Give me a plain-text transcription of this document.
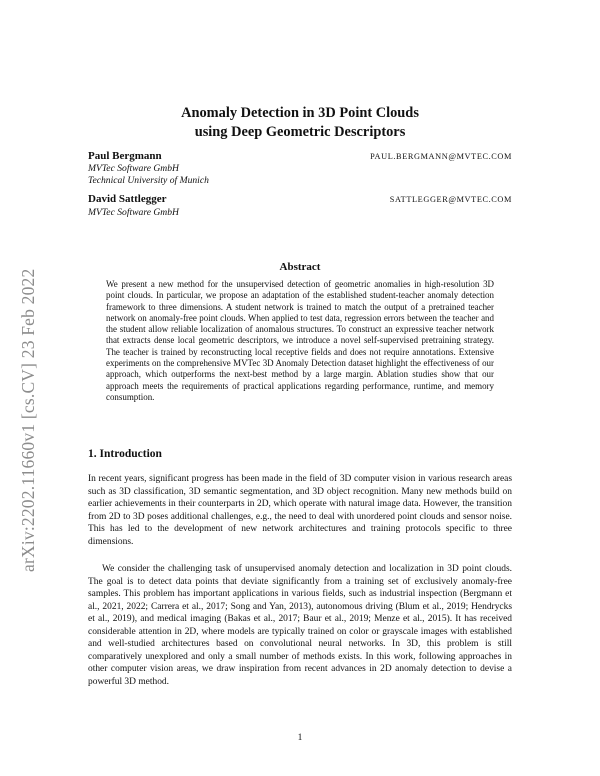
arXiv:2202.11660v1 [cs.CV] 23 Feb 2022
Anomaly Detection in 3D Point Clouds
using Deep Geometric Descriptors
Paul Bergmann	PAUL.BERGMANN@MVTEC.COM
MVTec Software GmbH
Technical University of Munich
David Sattlegger	SATTLEGGER@MVTEC.COM
MVTec Software GmbH
Abstract
We present a new method for the unsupervised detection of geometric anomalies in high-resolution 3D point clouds. In particular, we propose an adaptation of the established student-teacher anomaly detection framework to three dimensions. A student network is trained to match the output of a pretrained teacher network on anomaly-free point clouds. When applied to test data, regression errors between the teacher and the student allow reliable localization of anomalous structures. To construct an expressive teacher network that extracts dense local geometric descriptors, we introduce a novel self-supervised pretraining strategy. The teacher is trained by reconstructing local receptive fields and does not require annotations. Extensive experiments on the comprehensive MVTec 3D Anomaly Detection dataset highlight the effectiveness of our approach, which outperforms the next-best method by a large margin. Ablation studies show that our approach meets the requirements of practical applications regarding performance, runtime, and memory consumption.
1. Introduction

In recent years, significant progress has been made in the field of 3D computer vision in various research areas such as 3D classification, 3D semantic segmentation, and 3D object recognition. Many new methods build on earlier achievements in their counterparts in 2D, which operate with natural image data. However, the transition from 2D to 3D poses additional challenges, e.g., the need to deal with unordered point clouds and sensor noise. This has led to the development of new network architectures and training protocols specific to three dimensions.

We consider the challenging task of unsupervised anomaly detection and localization in 3D point clouds. The goal is to detect data points that deviate significantly from a training set of exclusively anomaly-free samples. This problem has important applications in various fields, such as industrial inspection (Bergmann et al., 2021, 2022; Carrera et al., 2017; Song and Yan, 2013), autonomous driving (Blum et al., 2019; Hendrycks et al., 2019), and medical imaging (Bakas et al., 2017; Baur et al., 2019; Menze et al., 2015). It has received considerable attention in 2D, where models are typically trained on color or grayscale images with established and well-studied architectures based on convolutional neural networks. In 3D, this problem is still comparatively unexplored and only a small number of methods exists. In this work, following approaches in other computer vision areas, we draw inspiration from recent advances in 2D anomaly detection to devise a powerful 3D method.

1
